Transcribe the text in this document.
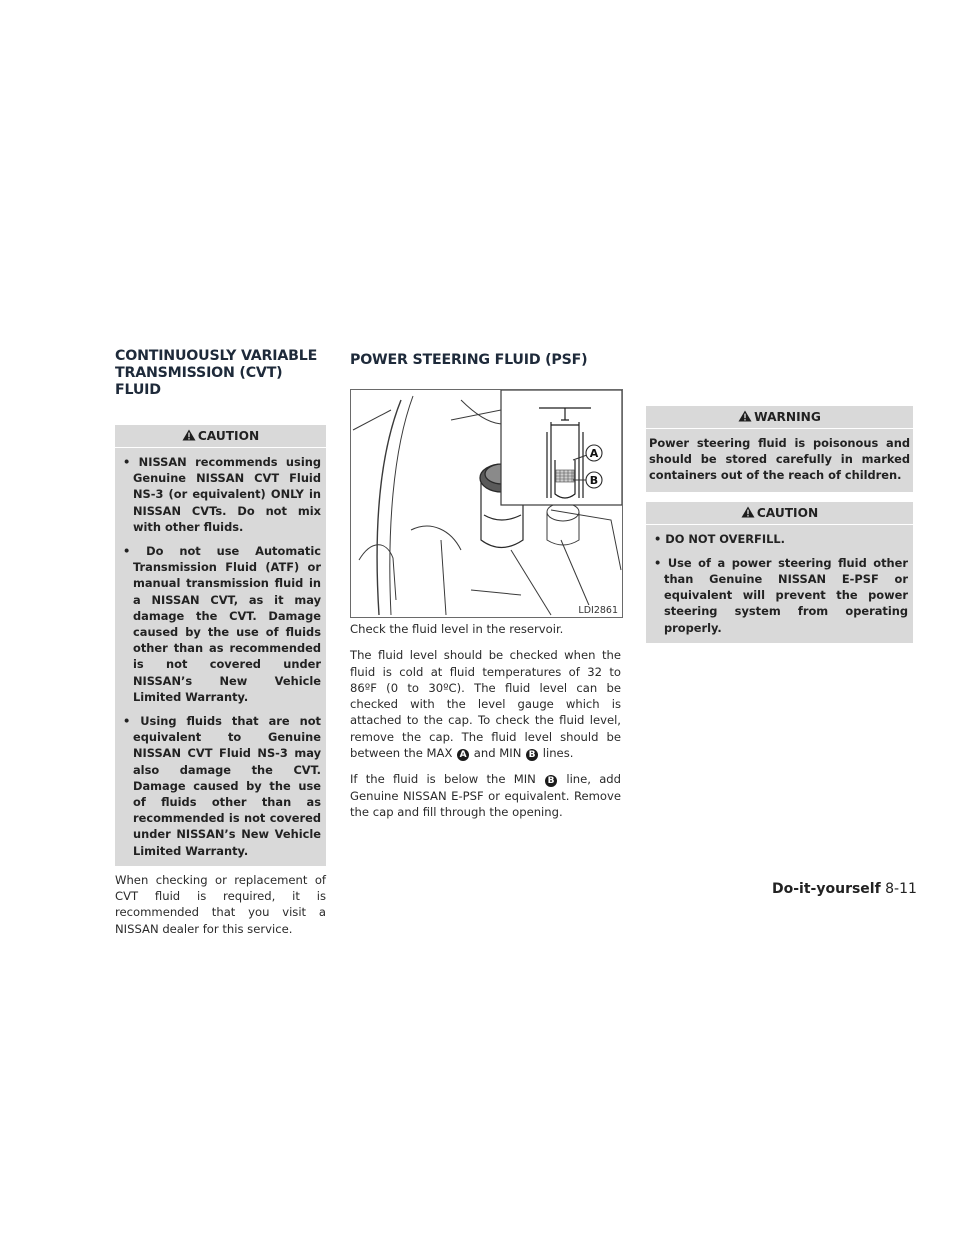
CONTINUOUSLY VARIABLE
TRANSMISSION (CVT) FLUID
CAUTION
• NISSAN recommends using Genuine NISSAN CVT Fluid NS-3 (or equivalent) ONLY in NISSAN CVTs. Do not mix with other fluids.
• Do not use Automatic Transmission Fluid (ATF) or manual transmission fluid in a NISSAN CVT, as it may damage the CVT. Damage caused by the use of fluids other than as recommended is not covered under NISSAN’s New Vehicle Limited Warranty.
• Using fluids that are not equivalent to Genuine NISSAN CVT Fluid NS-3 may also damage the CVT. Damage caused by the use of fluids other than as recommended is not covered under NISSAN’s New Vehicle Limited Warranty.

When checking or replacement of CVT fluid is required, it is recommended that you visit a NISSAN dealer for this service.

POWER STEERING FLUID (PSF)
A
B
LDI2861

Check the fluid level in the reservoir.

The fluid level should be checked when the fluid is cold at fluid temperatures of 32 to 86ºF (0 to 30ºC). The fluid level can be checked with the level gauge which is attached to the cap. To check the fluid level, remove the cap. The fluid level should be between the MAX A and MIN B lines.

If the fluid is below the MIN B line, add Genuine NISSAN E-PSF or equivalent. Remove the cap and fill through the opening.

WARNING

Power steering fluid is poisonous and should be stored carefully in marked containers out of the reach of children.

CAUTION
• DO NOT OVERFILL.
• Use of a power steering fluid other than Genuine NISSAN E-PSF or equivalent will prevent the power steering system from operating properly.
Do-it-yourself 8-11
